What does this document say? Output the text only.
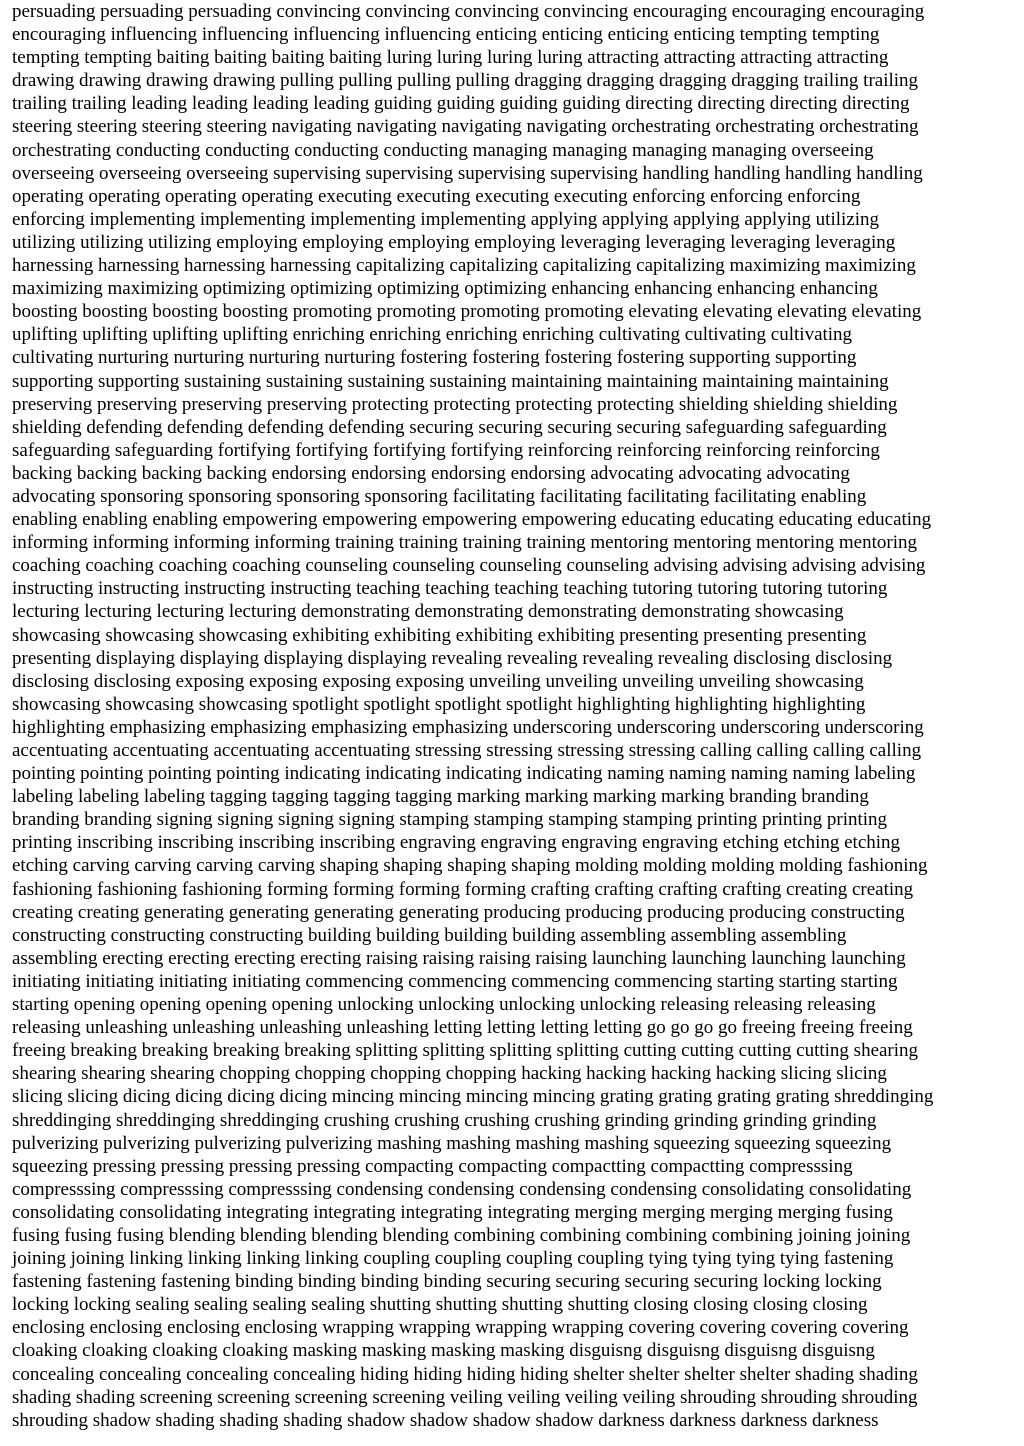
persuading persuading persuading convincing convincing convincing convincing encouraging encouraging encouraging
encouraging influencing influencing influencing influencing enticing enticing enticing enticing tempting tempting
tempting tempting baiting baiting baiting baiting luring luring luring luring attracting attracting attracting attracting
drawing drawing drawing drawing pulling pulling pulling pulling dragging dragging dragging dragging trailing trailing
trailing trailing leading leading leading leading guiding guiding guiding guiding directing directing directing directing
steering steering steering steering navigating navigating navigating navigating orchestrating orchestrating orchestrating
orchestrating conducting conducting conducting conducting managing managing managing managing overseeing
overseeing overseeing overseeing supervising supervising supervising supervising handling handling handling handling
operating operating operating operating executing executing executing executing enforcing enforcing enforcing
enforcing implementing implementing implementing implementing applying applying applying applying utilizing
utilizing utilizing utilizing employing employing employing employing leveraging leveraging leveraging leveraging
harnessing harnessing harnessing harnessing capitalizing capitalizing capitalizing capitalizing maximizing maximizing
maximizing maximizing optimizing optimizing optimizing optimizing enhancing enhancing enhancing enhancing
boosting boosting boosting boosting promoting promoting promoting promoting elevating elevating elevating elevating
uplifting uplifting uplifting uplifting enriching enriching enriching enriching cultivating cultivating cultivating
cultivating nurturing nurturing nurturing nurturing fostering fostering fostering fostering supporting supporting
supporting supporting sustaining sustaining sustaining sustaining maintaining maintaining maintaining maintaining
preserving preserving preserving preserving protecting protecting protecting protecting shielding shielding shielding
shielding defending defending defending defending securing securing securing securing safeguarding safeguarding
safeguarding safeguarding fortifying fortifying fortifying fortifying reinforcing reinforcing reinforcing reinforcing
backing backing backing backing endorsing endorsing endorsing endorsing advocating advocating advocating
advocating sponsoring sponsoring sponsoring sponsoring facilitating facilitating facilitating facilitating enabling
enabling enabling enabling empowering empowering empowering empowering educating educating educating educating
informing informing informing informing training training training training mentoring mentoring mentoring mentoring
coaching coaching coaching coaching counseling counseling counseling counseling advising advising advising advising
instructing instructing instructing instructing teaching teaching teaching teaching tutoring tutoring tutoring tutoring
lecturing lecturing lecturing lecturing demonstrating demonstrating demonstrating demonstrating showcasing
showcasing showcasing showcasing exhibiting exhibiting exhibiting exhibiting presenting presenting presenting
presenting displaying displaying displaying displaying revealing revealing revealing revealing disclosing disclosing
disclosing disclosing exposing exposing exposing exposing unveiling unveiling unveiling unveiling showcasing
showcasing showcasing showcasing spotlight spotlight spotlight spotlight highlighting highlighting highlighting
highlighting emphasizing emphasizing emphasizing emphasizing underscoring underscoring underscoring underscoring
accentuating accentuating accentuating accentuating stressing stressing stressing stressing calling calling calling calling
pointing pointing pointing pointing indicating indicating indicating indicating naming naming naming naming labeling
labeling labeling labeling tagging tagging tagging tagging marking marking marking marking branding branding
branding branding signing signing signing signing stamping stamping stamping stamping printing printing printing
printing inscribing inscribing inscribing inscribing engraving engraving engraving engraving etching etching etching
etching carving carving carving carving shaping shaping shaping shaping molding molding molding molding fashioning
fashioning fashioning fashioning forming forming forming forming crafting crafting crafting crafting creating creating
creating creating generating generating generating generating producing producing producing producing constructing
constructing constructing constructing building building building building assembling assembling assembling
assembling erecting erecting erecting erecting raising raising raising raising launching launching launching launching
initiating initiating initiating initiating commencing commencing commencing commencing starting starting starting
starting opening opening opening opening unlocking unlocking unlocking unlocking releasing releasing releasing
releasing unleashing unleashing unleashing unleashing letting letting letting letting go go go go freeing freeing freeing
freeing breaking breaking breaking breaking splitting splitting splitting splitting cutting cutting cutting cutting shearing
shearing shearing shearing chopping chopping chopping chopping hacking hacking hacking hacking slicing slicing
slicing slicing dicing dicing dicing dicing mincing mincing mincing mincing grating grating grating grating shreddinging
shreddinging shreddinging shreddinging crushing crushing crushing crushing grinding grinding grinding grinding
pulverizing pulverizing pulverizing pulverizing mashing mashing mashing mashing squeezing squeezing squeezing
squeezing pressing pressing pressing pressing compacting compacting compactting compactting compresssing
compresssing compresssing compresssing condensing condensing condensing condensing consolidating consolidating
consolidating consolidating integrating integrating integrating integrating merging merging merging merging fusing
fusing fusing fusing blending blending blending blending combining combining combining combining joining joining
joining joining linking linking linking linking coupling coupling coupling coupling tying tying tying tying fastening
fastening fastening fastening binding binding binding binding securing securing securing securing locking locking
locking locking sealing sealing sealing sealing shutting shutting shutting shutting closing closing closing closing
enclosing enclosing enclosing enclosing wrapping wrapping wrapping wrapping covering covering covering covering
cloaking cloaking cloaking cloaking masking masking masking masking disguisng disguisng disguisng disguisng
concealing concealing concealing concealing hiding hiding hiding hiding shelter shelter shelter shelter shading shading
shading shading screening screening screening screening veiling veiling veiling veiling shrouding shrouding shrouding
shrouding shadow shading shading shading shadow shadow shadow shadow darkness darkness darkness darkness
